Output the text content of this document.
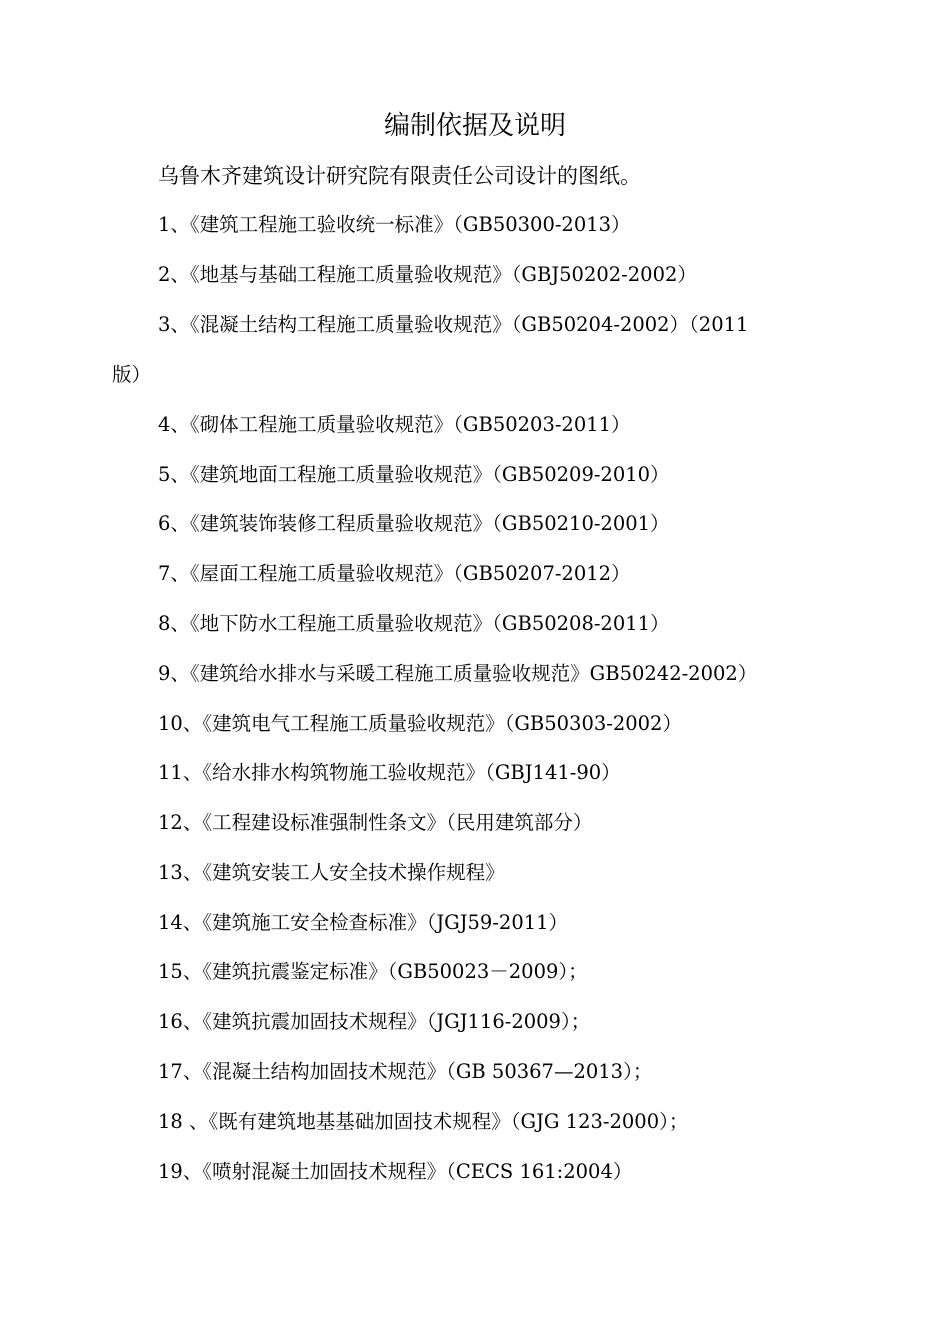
编制依据及说明
乌鲁木齐建筑设计研究院有限责任公司设计的图纸。
1、《建筑工程施工验收统一标准》（GB50300-2013）
2、《地基与基础工程施工质量验收规范》（GBJ50202-2002）
3、《混凝土结构工程施工质量验收规范》（GB50204-2002）（2011
版）
4、《砌体工程施工质量验收规范》（GB50203-2011）
5、《建筑地面工程施工质量验收规范》（GB50209-2010）
6、《建筑装饰装修工程质量验收规范》（GB50210-2001）
7、《屋面工程施工质量验收规范》（GB50207-2012）
8、《地下防水工程施工质量验收规范》（GB50208-2011）
9、《建筑给水排水与采暖工程施工质量验收规范》GB50242-2002）
10、《建筑电气工程施工质量验收规范》（GB50303-2002）
11、《给水排水构筑物施工验收规范》（GBJ141-90）
12、《工程建设标准强制性条文》（民用建筑部分）
13、《建筑安装工人安全技术操作规程》
14、《建筑施工安全检查标准》（JGJ59-2011）
15、《建筑抗震鉴定标准》（GB50023－2009）；
16、《建筑抗震加固技术规程》（JGJ116-2009）；
17、《混凝土结构加固技术规范》（GB 50367—2013）；
18 、《既有建筑地基基础加固技术规程》（GJG 123-2000）；
19、《喷射混凝土加固技术规程》（CECS 161:2004）
